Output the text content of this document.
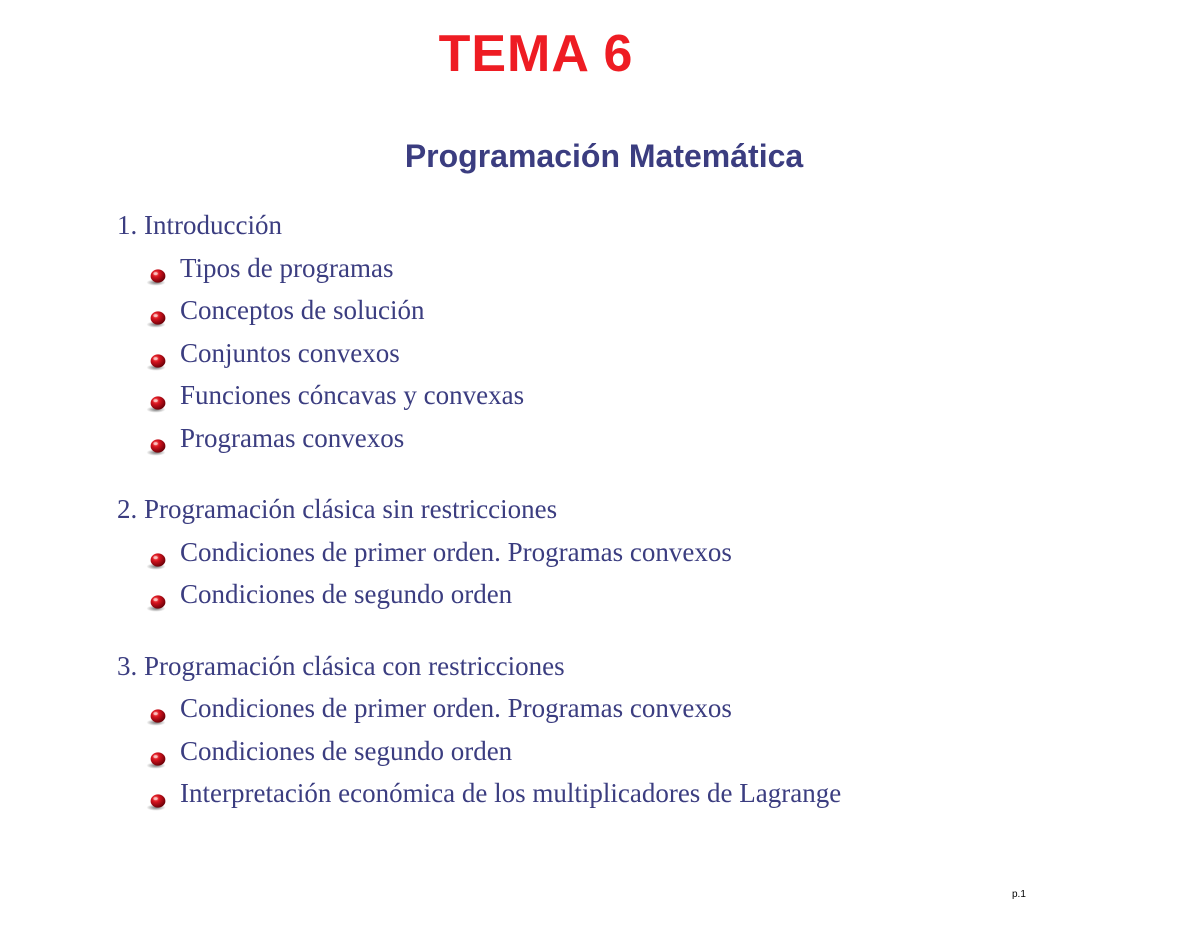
TEMA 6
Programación Matemática
1. Introducción
Tipos de programas
Conceptos de solución
Conjuntos convexos
Funciones cóncavas y convexas
Programas convexos
2. Programación clásica sin restricciones
Condiciones de primer orden. Programas convexos
Condiciones de segundo orden
3. Programación clásica con restricciones
Condiciones de primer orden. Programas convexos
Condiciones de segundo orden
Interpretación económica de los multiplicadores de Lagrange
p.1
